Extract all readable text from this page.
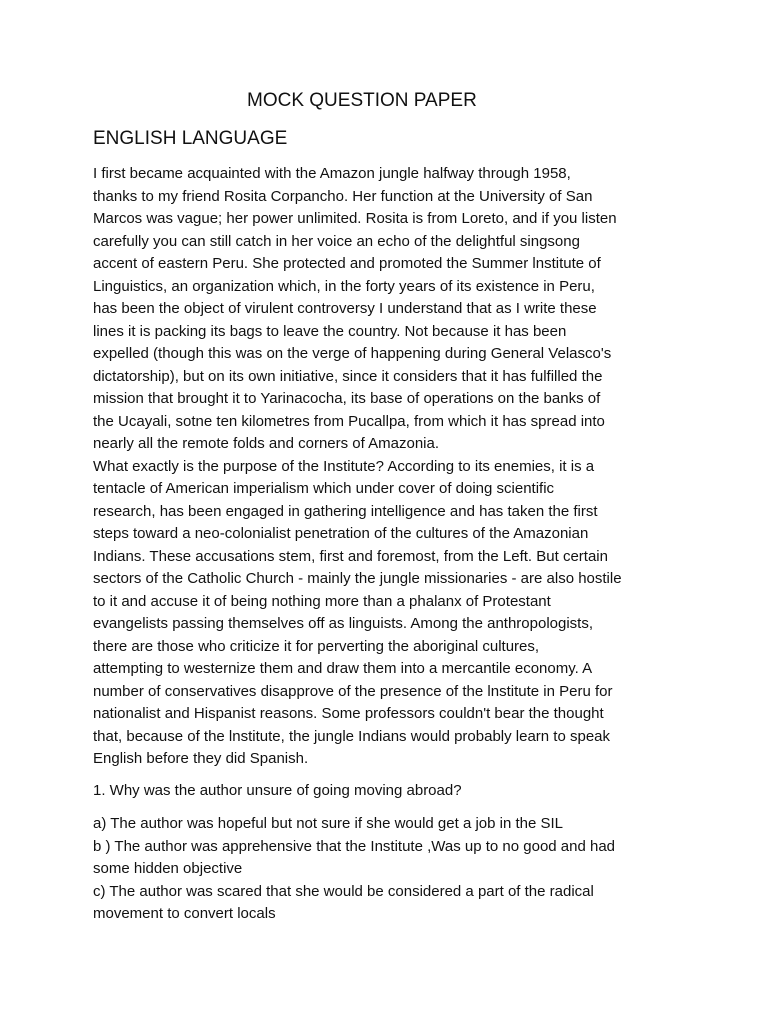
MOCK QUESTION PAPER
ENGLISH LANGUAGE
I first became acquainted with the Amazon jungle halfway through 1958,
thanks to my friend Rosita Corpancho. Her function at the University of San
Marcos was vague; her power unlimited. Rosita is from Loreto, and if you listen
carefully you can still catch in her voice an echo of the delightful singsong
accent of eastern Peru. She protected and promoted the Summer lnstitute of
Linguistics, an organization which, in the forty years of its existence in Peru,
has been the object of virulent controversy I understand that as I write these
lines it is packing its bags to leave the country. Not because it has been
expelled (though this was on the verge of happening during General Velasco's
dictatorship), but on its own initiative, since it considers that it has fulfilled the
mission that brought it to Yarinacocha, its base of operations on the banks of
the Ucayali, sotne ten kilometres from Pucallpa, from which it has spread into
nearly all the remote folds and corners of Amazonia.
What exactly is the purpose of the Institute? According to its enemies, it is a
tentacle of American imperialism which under cover of doing scientific
research, has been engaged in gathering intelligence and has taken the first
steps toward a neo-colonialist penetration of the cultures of the Amazonian
Indians. These accusations stem, first and foremost, from the Left. But certain
sectors of the Catholic Church - mainly the jungle missionaries - are also hostile
to it and accuse it of being nothing more than a phalanx of Protestant
evangelists passing themselves off as linguists. Among the anthropologists,
there are those who criticize it for perverting the aboriginal cultures,
attempting to westernize them and draw them into a mercantile economy. A
number of conservatives disapprove of the presence of the lnstitute in Peru for
nationalist and Hispanist reasons. Some professors couldn't bear the thought
that, because of the lnstitute, the jungle Indians would probably learn to speak
English before they did Spanish.
1. Why was the author unsure of going moving abroad?
a) The author was hopeful but not sure if she would get a job in the SIL
b ) The author was apprehensive that the Institute ,Was up to no good and had
some hidden objective
c) The author was scared that she would be considered a part of the radical
movement to convert locals
